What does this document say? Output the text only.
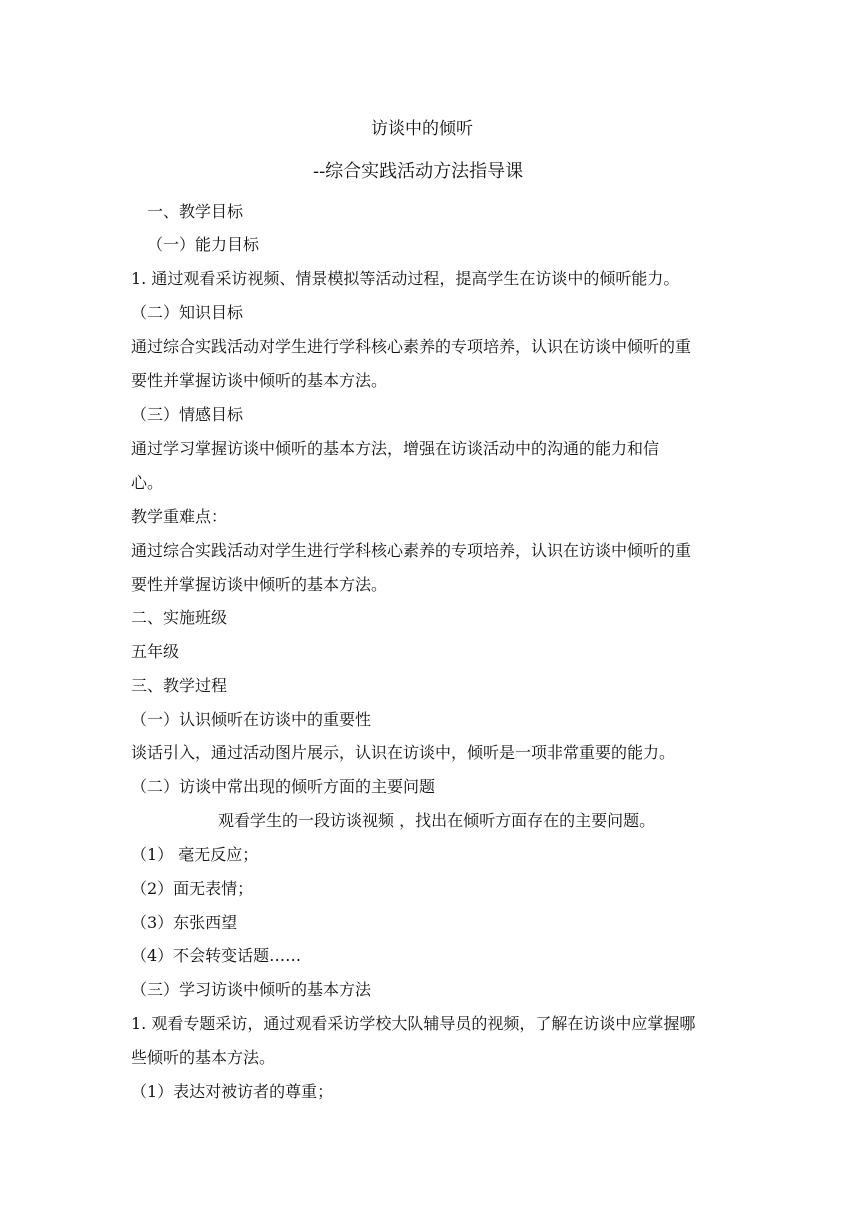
访谈中的倾听
--综合实践活动方法指导课
一、教学目标
（一）能力目标
1. 通过观看采访视频、情景模拟等活动过程，提高学生在访谈中的倾听能力。
（二）知识目标
通过综合实践活动对学生进行学科核心素养的专项培养，认识在访谈中倾听的重
要性并掌握访谈中倾听的基本方法。
（三）情感目标
通过学习掌握访谈中倾听的基本方法，增强在访谈活动中的沟通的能力和信
心。
教学重难点：
通过综合实践活动对学生进行学科核心素养的专项培养，认识在访谈中倾听的重
要性并掌握访谈中倾听的基本方法。
二、实施班级
五年级
三、教学过程
（一）认识倾听在访谈中的重要性
谈话引入，通过活动图片展示，认识在访谈中，倾听是一项非常重要的能力。
（二）访谈中常出现的倾听方面的主要问题
观看学生的一段访谈视频 ，找出在倾听方面存在的主要问题。
（1） 毫无反应；
（2）面无表情；
（3）东张西望
（4）不会转变话题……
（三）学习访谈中倾听的基本方法
1. 观看专题采访，通过观看采访学校大队辅导员的视频，了解在访谈中应掌握哪
些倾听的基本方法。
（1）表达对被访者的尊重；
